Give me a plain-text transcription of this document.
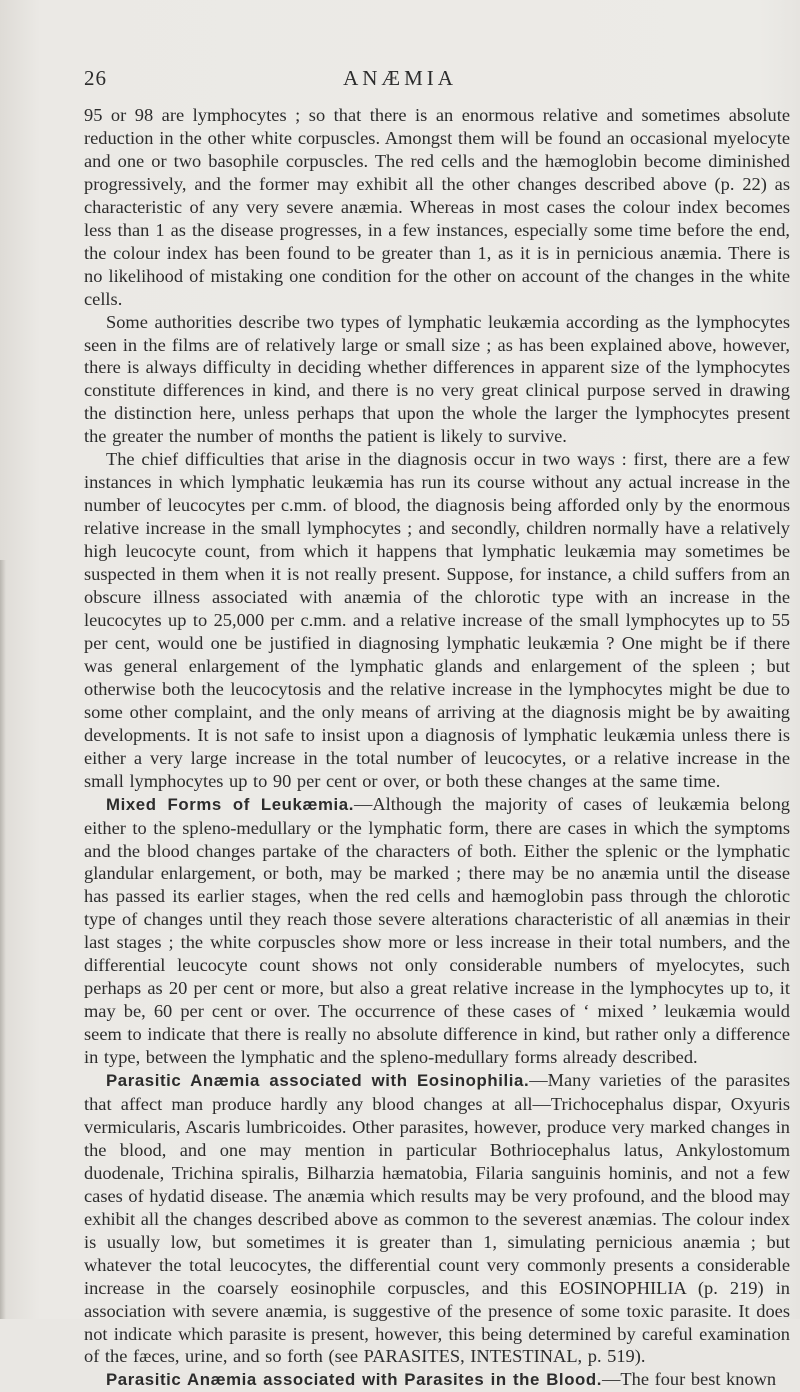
26	ANÆMIA

95 or 98 are lymphocytes ; so that there is an enormous relative and sometimes absolute reduction in the other white corpuscles. Amongst them will be found an occasional myelocyte and one or two basophile corpuscles. The red cells and the hæmoglobin become diminished progressively, and the former may exhibit all the other changes described above (p. 22) as characteristic of any very severe anæmia. Whereas in most cases the colour index becomes less than 1 as the disease progresses, in a few instances, especially some time before the end, the colour index has been found to be greater than 1, as it is in pernicious anæmia. There is no likelihood of mistaking one condition for the other on account of the changes in the white cells.

Some authorities describe two types of lymphatic leukæmia according as the lymphocytes seen in the films are of relatively large or small size ; as has been explained above, however, there is always difficulty in deciding whether differences in apparent size of the lymphocytes constitute differences in kind, and there is no very great clinical purpose served in drawing the distinction here, unless perhaps that upon the whole the larger the lymphocytes present the greater the number of months the patient is likely to survive.

The chief difficulties that arise in the diagnosis occur in two ways : first, there are a few instances in which lymphatic leukæmia has run its course without any actual increase in the number of leucocytes per c.mm. of blood, the diagnosis being afforded only by the enormous relative increase in the small lymphocytes ; and secondly, children normally have a relatively high leucocyte count, from which it happens that lymphatic leukæmia may sometimes be suspected in them when it is not really present. Suppose, for instance, a child suffers from an obscure illness associated with anæmia of the chlorotic type with an increase in the leucocytes up to 25,000 per c.mm. and a relative increase of the small lymphocytes up to 55 per cent, would one be justified in diagnosing lymphatic leukæmia ? One might be if there was general enlargement of the lymphatic glands and enlargement of the spleen ; but otherwise both the leucocytosis and the relative increase in the lymphocytes might be due to some other complaint, and the only means of arriving at the diagnosis might be by awaiting developments. It is not safe to insist upon a diagnosis of lymphatic leukæmia unless there is either a very large increase in the total number of leucocytes, or a relative increase in the small lymphocytes up to 90 per cent or over, or both these changes at the same time.

Mixed Forms of Leukæmia.—Although the majority of cases of leukæmia belong either to the spleno-medullary or the lymphatic form, there are cases in which the symptoms and the blood changes partake of the characters of both. Either the splenic or the lymphatic glandular enlargement, or both, may be marked ; there may be no anæmia until the disease has passed its earlier stages, when the red cells and hæmoglobin pass through the chlorotic type of changes until they reach those severe alterations characteristic of all anæmias in their last stages ; the white corpuscles show more or less increase in their total numbers, and the differential leucocyte count shows not only considerable numbers of myelocytes, such perhaps as 20 per cent or more, but also a great relative increase in the lymphocytes up to, it may be, 60 per cent or over. The occurrence of these cases of ‘ mixed ’ leukæmia would seem to indicate that there is really no absolute difference in kind, but rather only a difference in type, between the lymphatic and the spleno-medullary forms already described.

Parasitic Anæmia associated with Eosinophilia.—Many varieties of the parasites that affect man produce hardly any blood changes at all—Trichocephalus dispar, Oxyuris vermicularis, Ascaris lumbricoides. Other parasites, however, produce very marked changes in the blood, and one may mention in particular Bothriocephalus latus, Ankylostomum duodenale, Trichina spiralis, Bilharzia hæmatobia, Filaria sanguinis hominis, and not a few cases of hydatid disease. The anæmia which results may be very profound, and the blood may exhibit all the changes described above as common to the severest anæmias. The colour index is usually low, but sometimes it is greater than 1, simulating pernicious anæmia ; but whatever the total leucocytes, the differential count very commonly presents a considerable increase in the coarsely eosinophile corpuscles, and this EOSINOPHILIA (p. 219) in association with severe anæmia, is suggestive of the presence of some toxic parasite. It does not indicate which parasite is present, however, this being determined by careful examination of the fæces, urine, and so forth (see PARASITES, INTESTINAL, p. 519).

Parasitic Anæmia associated with Parasites in the Blood.—The four best known
